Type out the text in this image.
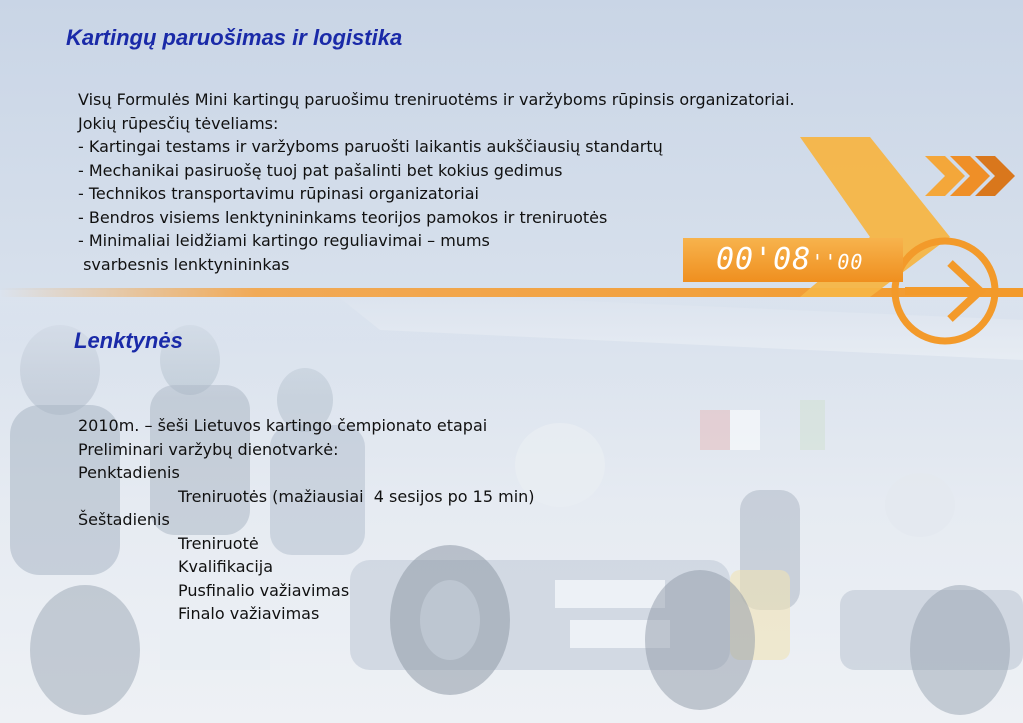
00'08''00
Kartingų paruošimas ir logistika
Visų Formulės Mini kartingų paruošimu treniruotėms ir varžyboms rūpinsis organizatoriai.
Jokių rūpesčių tėveliams:
- Kartingai testams ir varžyboms paruošti laikantis aukščiausių standartų
- Mechanikai pasiruošę tuoj pat pašalinti bet kokius gedimus
- Technikos transportavimu rūpinasi organizatoriai
- Bendros visiems lenktynininkams teorijos pamokos ir treniruotės
- Minimaliai leidžiami kartingo reguliavimai – mums
svarbesnis lenktynininkas
Lenktynės
2010m. – šeši Lietuvos kartingo čempionato etapai
Preliminari varžybų dienotvarkė:
Penktadienis
Treniruotės (mažiausiai  4 sesijos po 15 min)
Šeštadienis
Treniruotė
Kvalifikacija
Pusfinalio važiavimas
Finalo važiavimas
